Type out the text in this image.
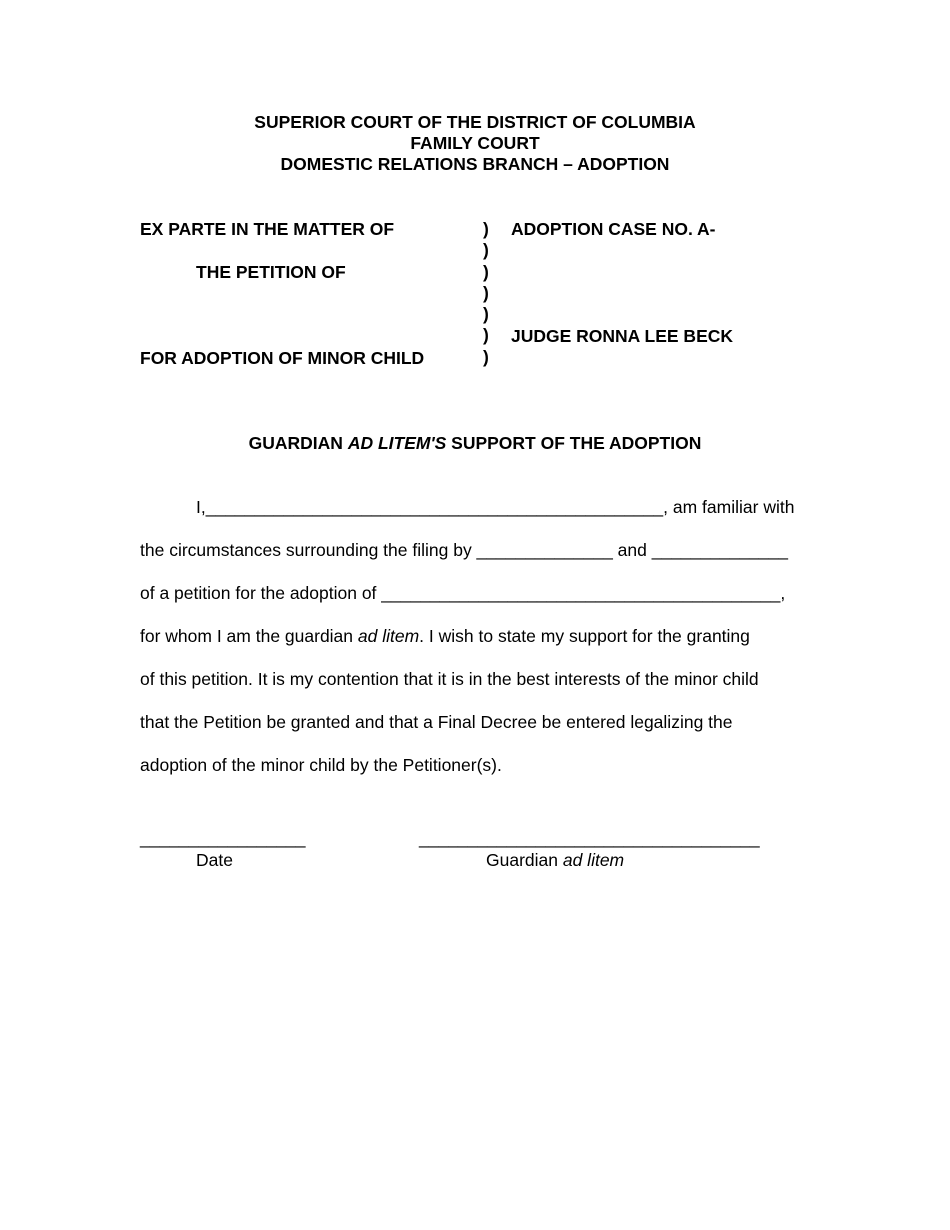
SUPERIOR COURT OF THE DISTRICT OF COLUMBIA
FAMILY COURT
DOMESTIC RELATIONS BRANCH – ADOPTION
EX PARTE IN THE MATTER OF
THE PETITION OF
FOR ADOPTION OF MINOR CHILD
)
)
)
)
)
)
)
ADOPTION CASE NO. A-
JUDGE RONNA LEE BECK
GUARDIAN AD LITEM'S SUPPORT OF THE ADOPTION
I,_______________________________________________, am familiar with
the circumstances surrounding the filing by ______________ and ______________
of a petition for the adoption of _________________________________________,
for whom I am the guardian ad litem. I wish to state my support for the granting
of this petition. It is my contention that it is in the best interests of the minor child
that the Petition be granted and that a Final Decree be entered legalizing the
adoption of the minor child by the Petitioner(s).
_________________
Date
___________________________________
Guardian ad litem
